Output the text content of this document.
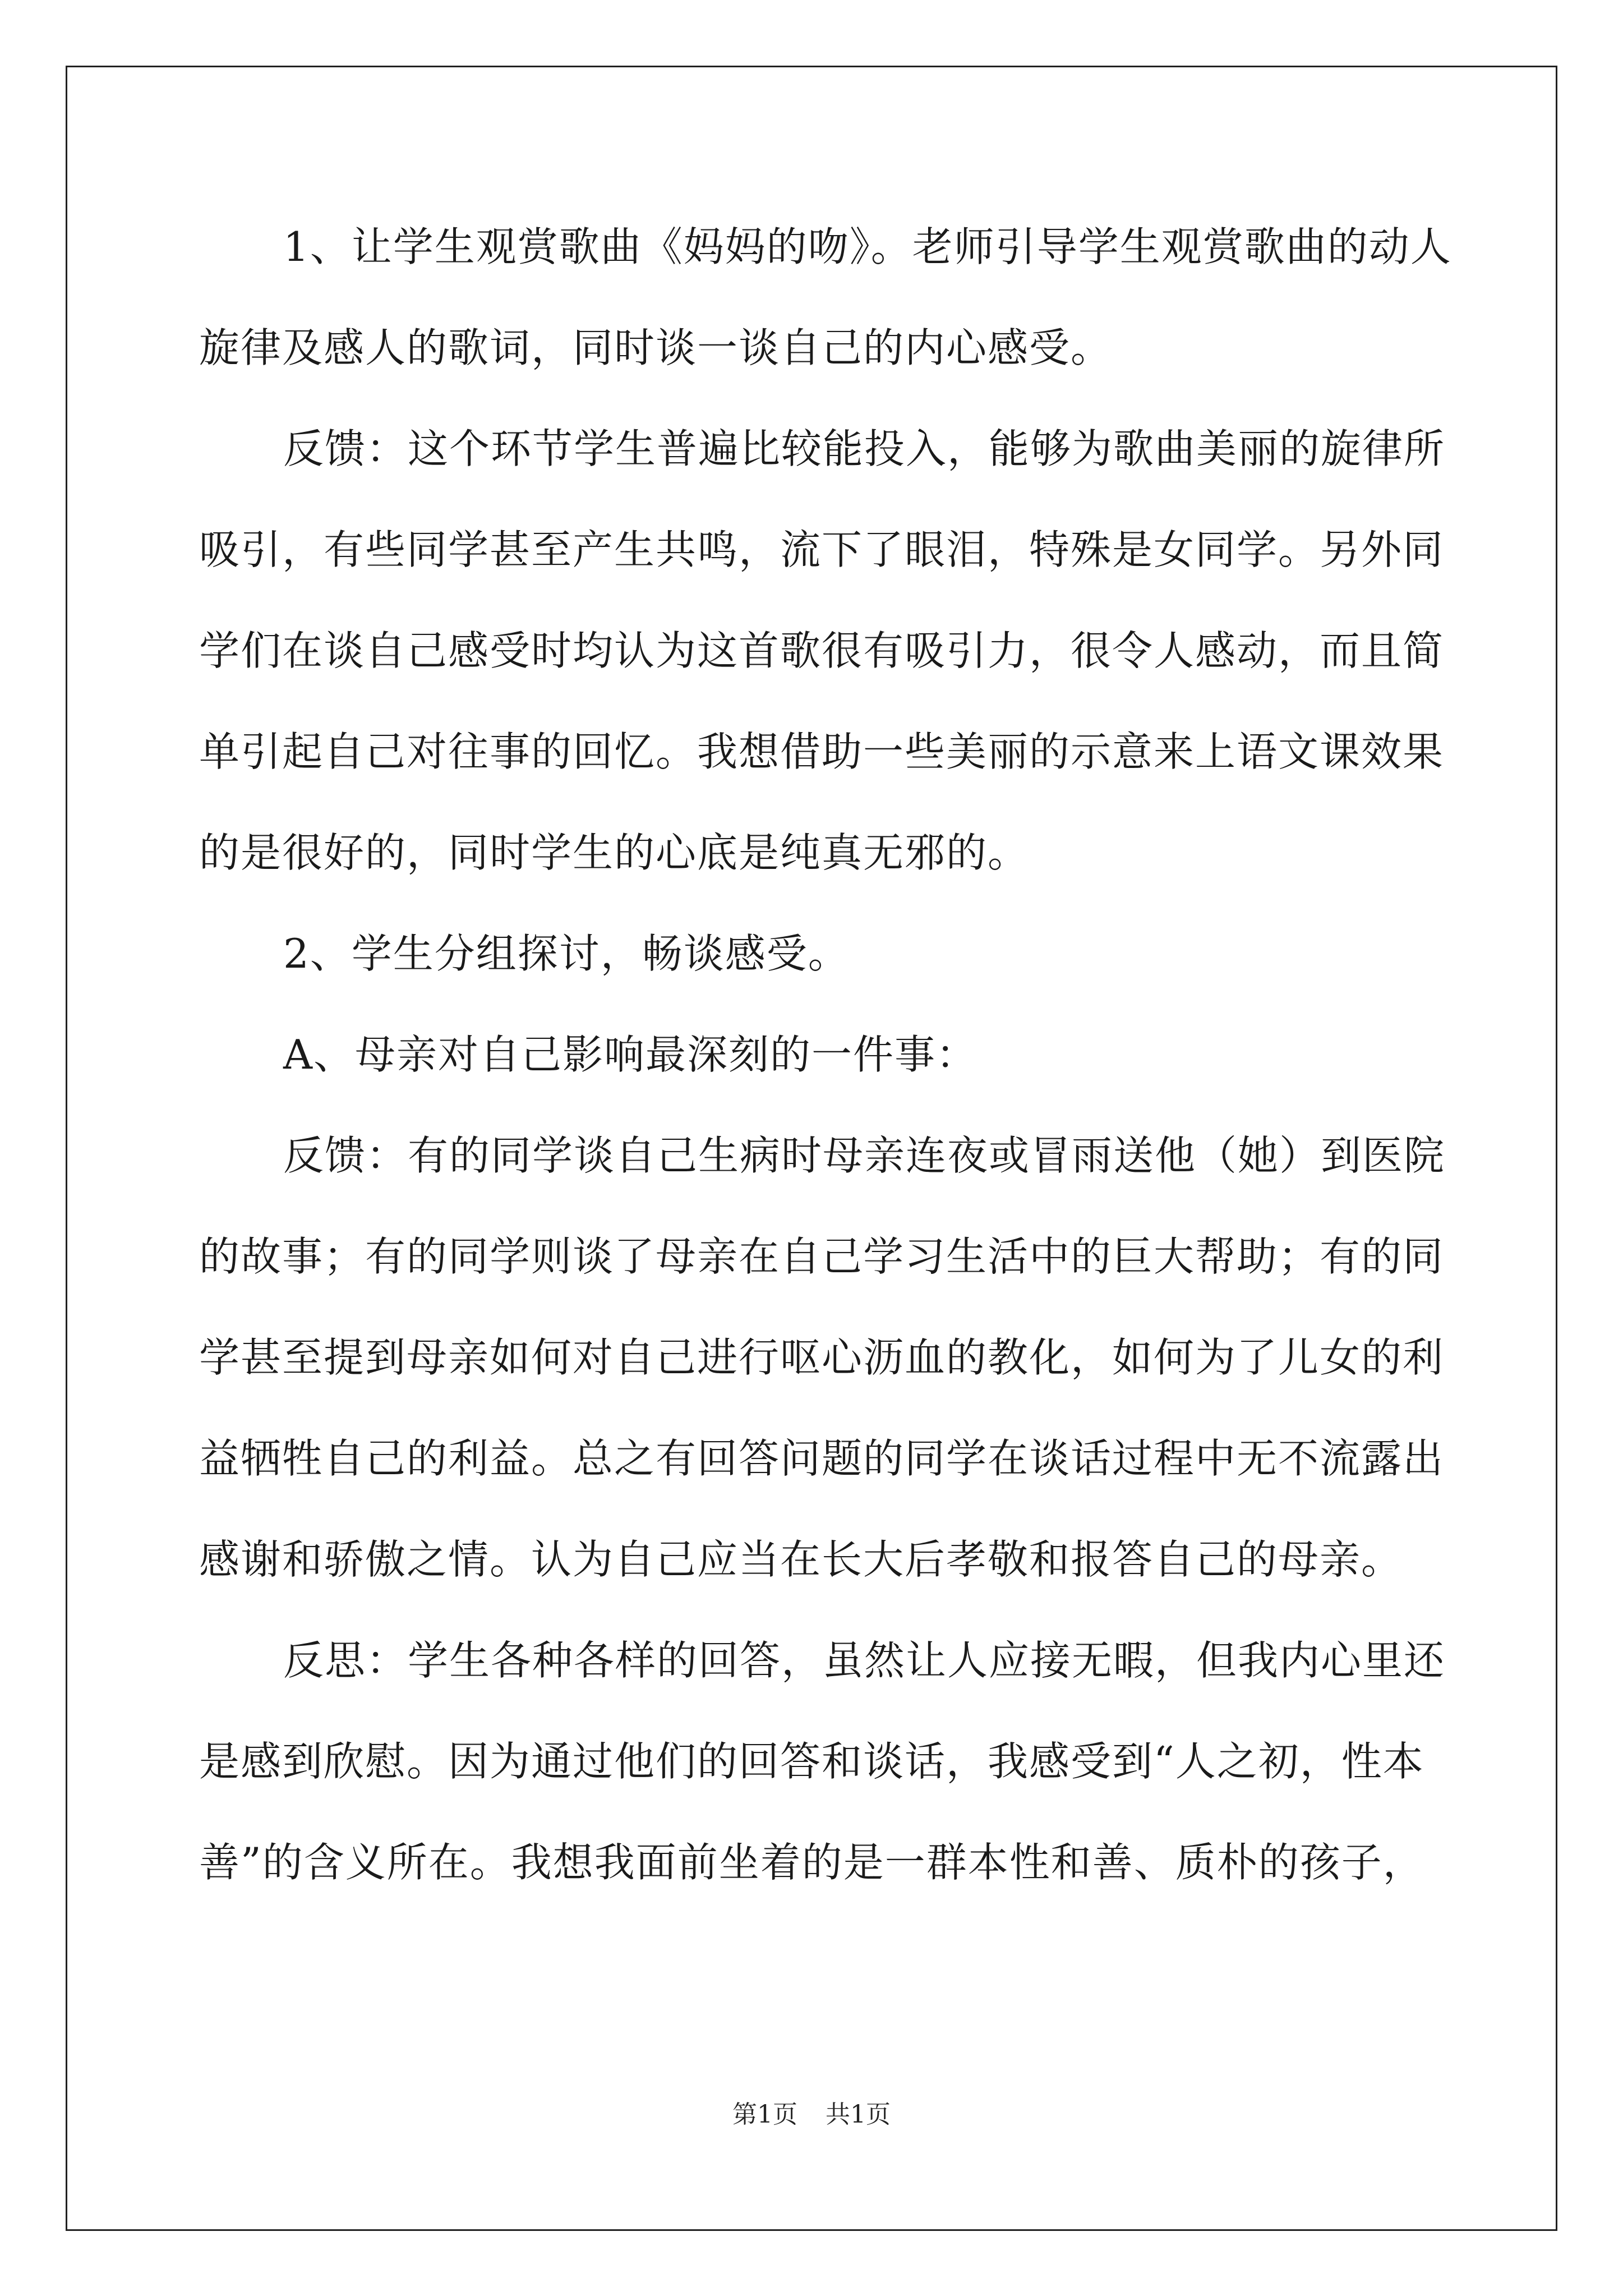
1、让学生观赏歌曲《妈妈的吻》。老师引导学生观赏歌曲的动人
旋律及感人的歌词，同时谈一谈自己的内心感受。
反馈：这个环节学生普遍比较能投入，能够为歌曲美丽的旋律所
吸引，有些同学甚至产生共鸣，流下了眼泪，特殊是女同学。另外同
学们在谈自己感受时均认为这首歌很有吸引力，很令人感动，而且简
单引起自己对往事的回忆。我想借助一些美丽的示意来上语文课效果
的是很好的，同时学生的心底是纯真无邪的。
2、学生分组探讨，畅谈感受。
A、母亲对自己影响最深刻的一件事：
反馈：有的同学谈自己生病时母亲连夜或冒雨送他（她）到医院
的故事；有的同学则谈了母亲在自己学习生活中的巨大帮助；有的同
学甚至提到母亲如何对自己进行呕心沥血的教化，如何为了儿女的利
益牺牲自己的利益。总之有回答问题的同学在谈话过程中无不流露出
感谢和骄傲之情。认为自己应当在长大后孝敬和报答自己的母亲。
反思：学生各种各样的回答，虽然让人应接无暇，但我内心里还
是感到欣慰。因为通过他们的回答和谈话，我感受到“人之初，性本
善”的含义所在。我想我面前坐着的是一群本性和善、质朴的孩子，
第1页 共1页
